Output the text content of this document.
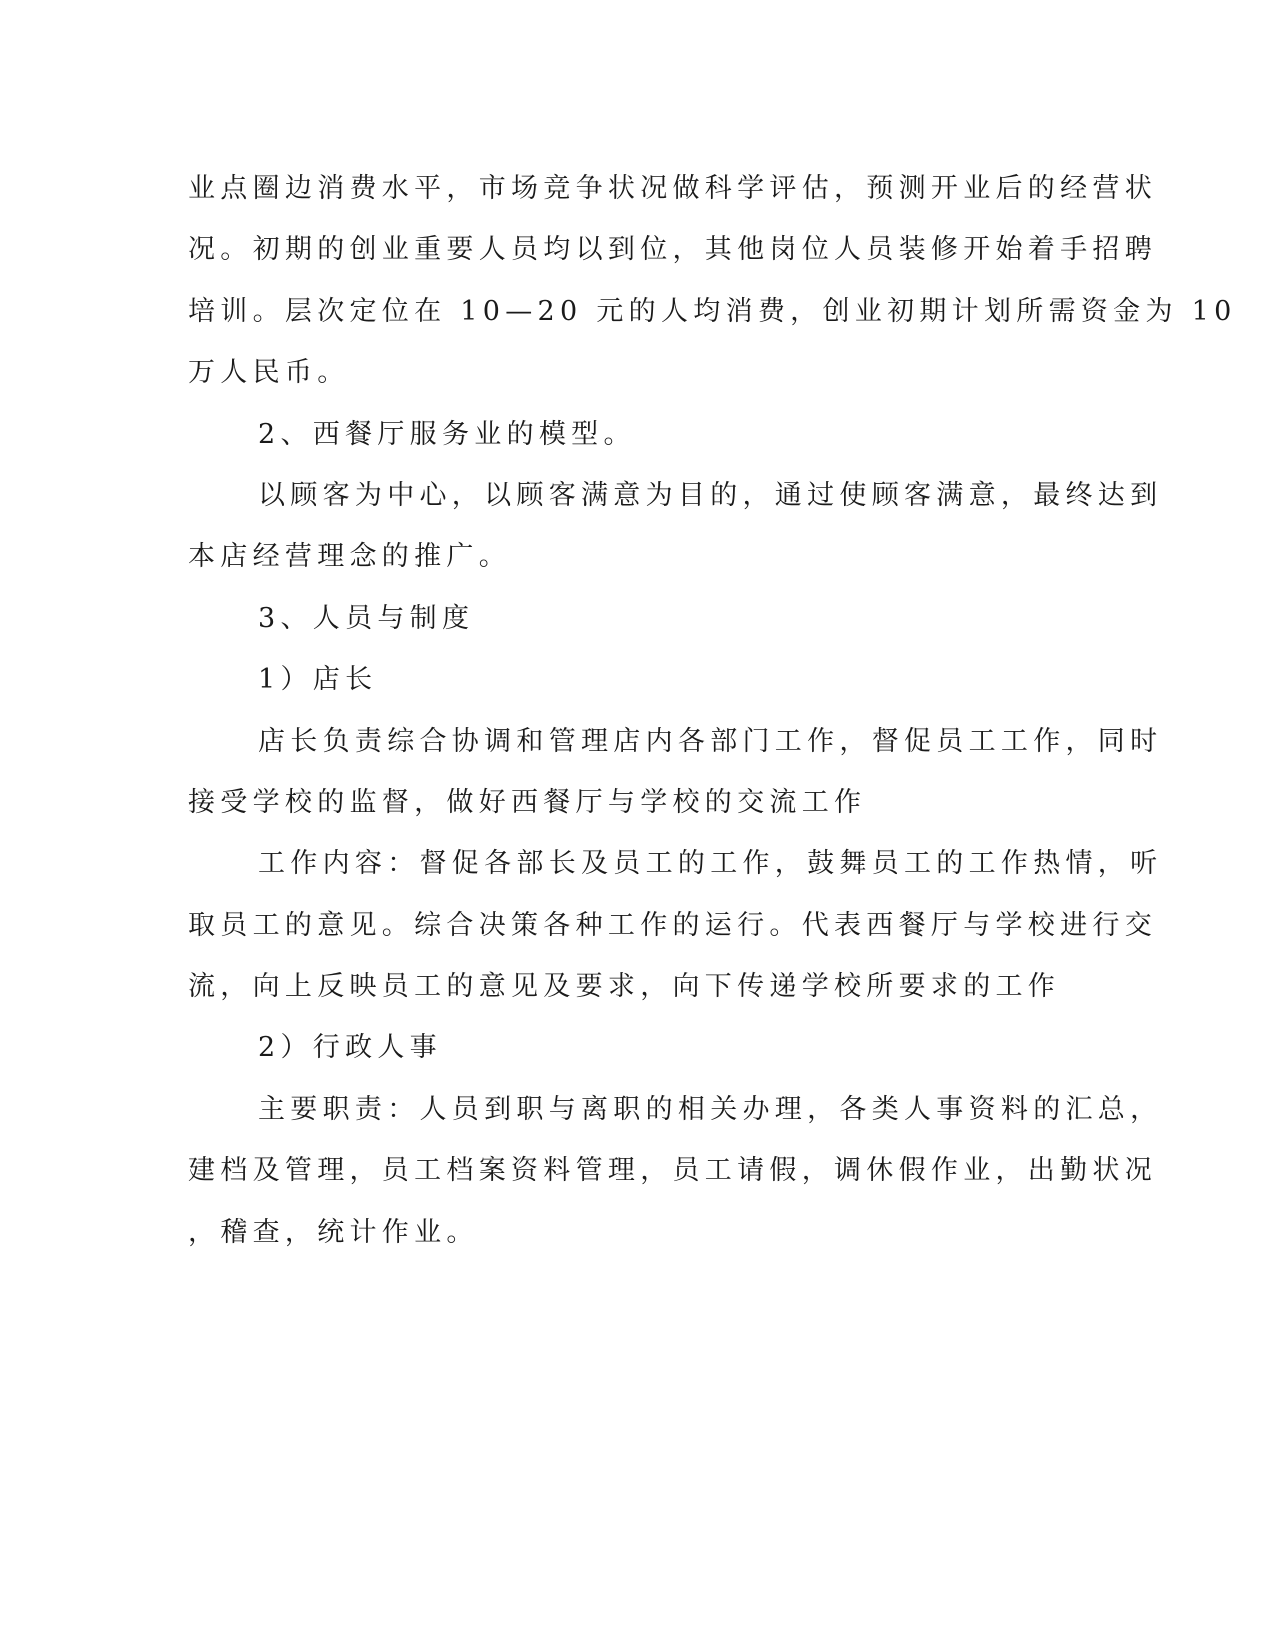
业点圈边消费水平，市场竞争状况做科学评估，预测开业后的经营状
况。初期的创业重要人员均以到位，其他岗位人员装修开始着手招聘
培训。层次定位在 10—20 元的人均消费，创业初期计划所需资金为 10
万人民币。
2、西餐厅服务业的模型。
以顾客为中心，以顾客满意为目的，通过使顾客满意，最终达到
本店经营理念的推广。
3、人员与制度
1）店长
店长负责综合协调和管理店内各部门工作，督促员工工作，同时
接受学校的监督，做好西餐厅与学校的交流工作
工作内容：督促各部长及员工的工作，鼓舞员工的工作热情，听
取员工的意见。综合决策各种工作的运行。代表西餐厅与学校进行交
流，向上反映员工的意见及要求，向下传递学校所要求的工作
2）行政人事
主要职责：人员到职与离职的相关办理，各类人事资料的汇总，
建档及管理，员工档案资料管理，员工请假，调休假作业，出勤状况
，稽查，统计作业。
